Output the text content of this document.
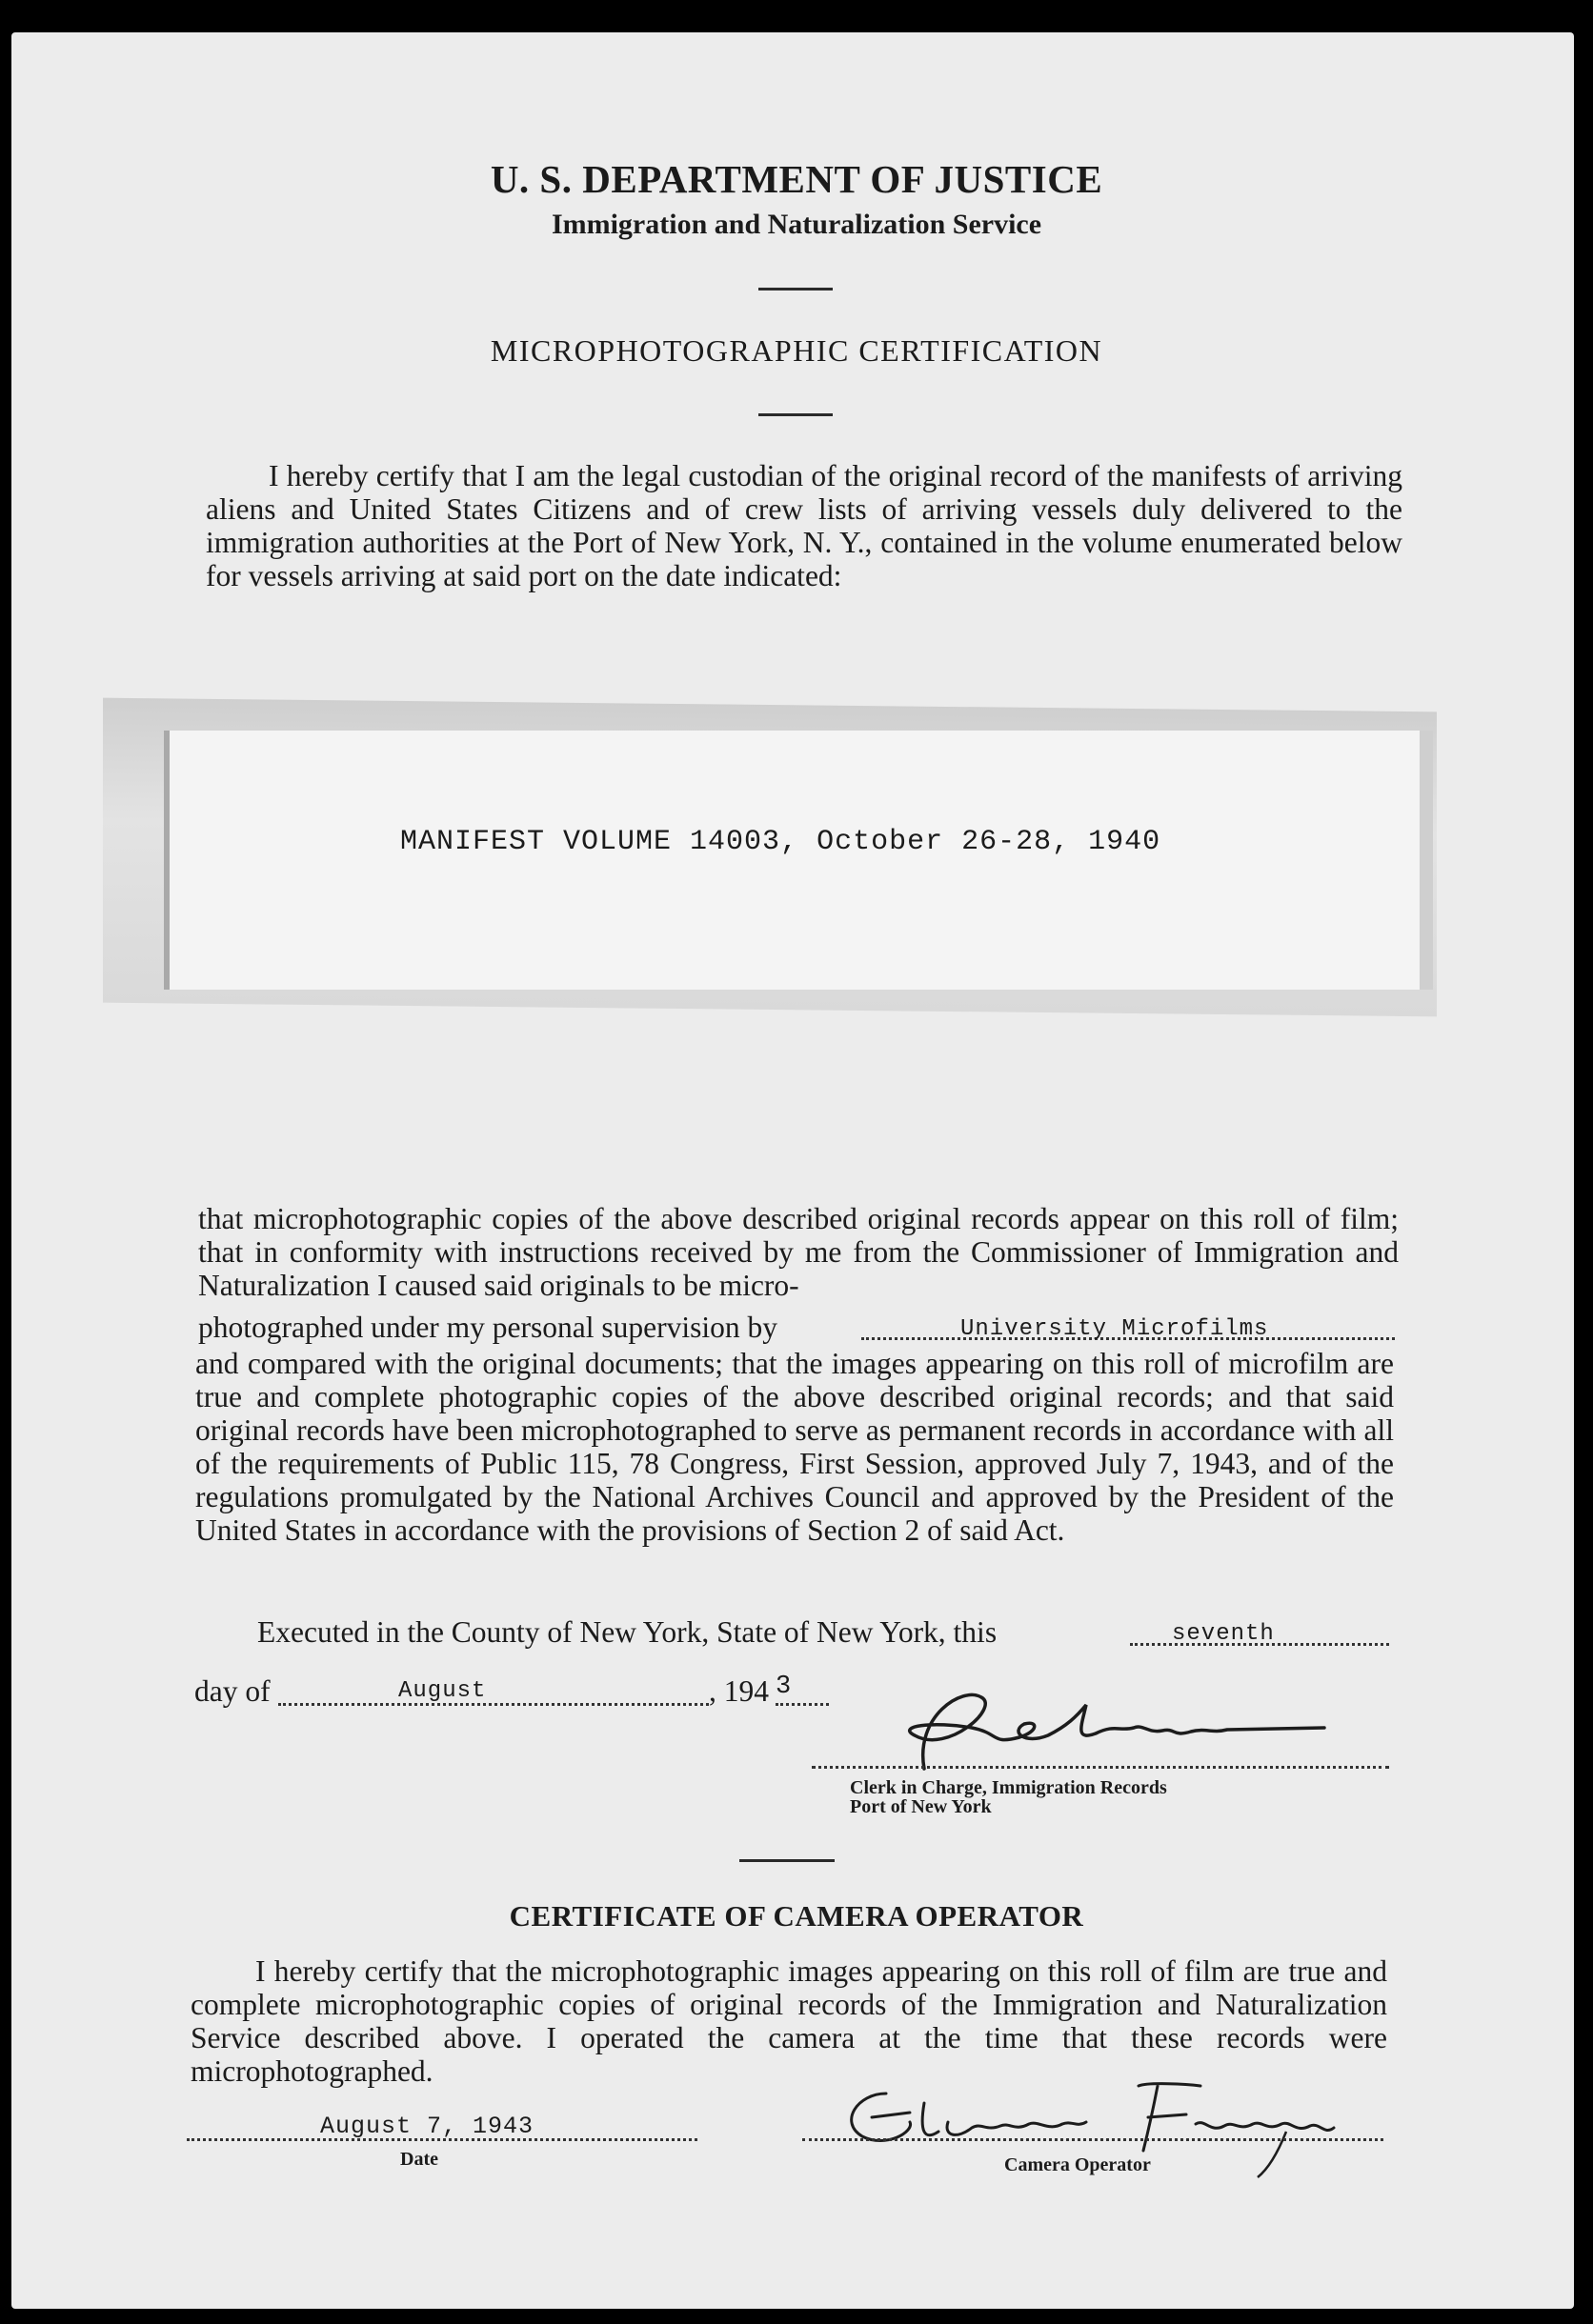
U. S. DEPARTMENT OF JUSTICE
Immigration and Naturalization Service
MICROPHOTOGRAPHIC CERTIFICATION

I hereby certify that I am the legal custodian of the original record of the manifests of arriving aliens and United States Citizens and of crew lists of arriving vessels duly delivered to the immigration authorities at the Port of New York, N. Y., contained in the volume enumerated below for vessels arriving at said port on the date indicated:

MANIFEST VOLUME 14003, October 26-28, 1940

that microphotographic copies of the above described original records appear on this roll of film; that in conformity with instructions received by me from the Commissioner of Immigration and Naturalization I caused said originals to be micro-

photographed under my personal supervision by	University Microfilms

and compared with the original documents; that the images appearing on this roll of microfilm are true and complete photographic copies of the above described original records; and that said original records have been microphotographed to serve as permanent records in accordance with all of the requirements of Public 115, 78 Congress, First Session, approved July 7, 1943, and of the regulations promulgated by the National Archives Council and approved by the President of the United States in accordance with the provisions of Section 2 of said Act.

Executed in the County of New York, State of New York, this	seventh
day of	August	, 194 3
Clerk in Charge, Immigration Records
Port of New York
CERTIFICATE OF CAMERA OPERATOR

I hereby certify that the microphotographic images appearing on this roll of film are true and complete microphotographic copies of original records of the Immigration and Naturalization Service described above. I operated the camera at the time that these records were microphotographed.

August 7, 1943
Date	Camera Operator
